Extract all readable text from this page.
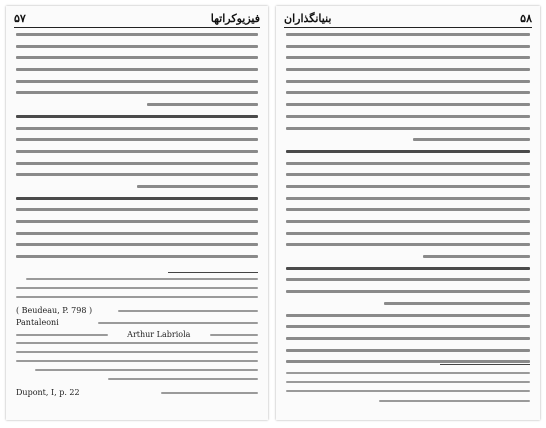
۵۷	فیزیوکراتها
( Beudeau, P. 798 )
Pantaleoni
Arthur Labriola
Dupont, I, p. 22
بنیانگذاران	۵۸
